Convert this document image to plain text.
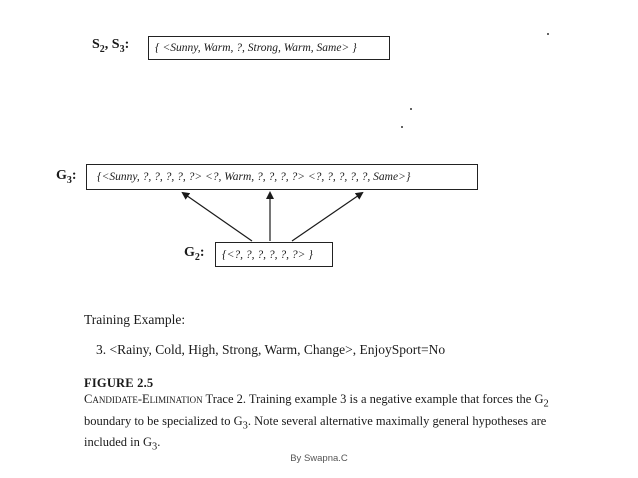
$S_2$, $S_3$: { <Sunny, Warm, ?, Strong, Warm, Same> }
$G_3$: {<Sunny, ?, ?, ?, ?, ?> <?, Warm, ?, ?, ?, ?> <?, ?, ?, ?, ?, Same>}
$G_2$: {<?, ?, ?, ?, ?, ?> }
Training Example:
3. <Rainy, Cold, High, Strong, Warm, Change>, EnjoySport=No
FIGURE 2.5
Candidate-Elimination Trace 2. Training example 3 is a negative example that forces the $G_2$ boundary to be specialized to $G_3$. Note several alternative maximally general hypotheses are included in $G_3$.
By Swapna.C
